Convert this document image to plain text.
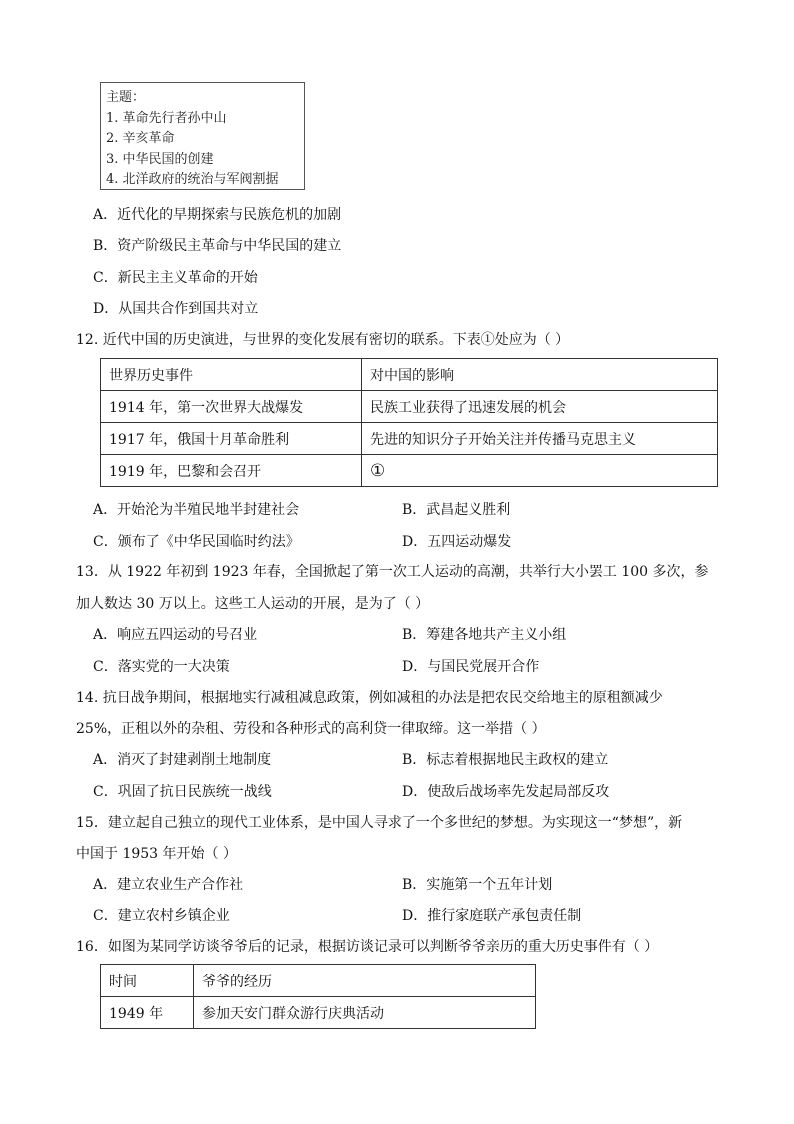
主题：
1. 革命先行者孙中山
2. 辛亥革命
3. 中华民国的创建
4. 北洋政府的统治与军阀割据
A．近代化的早期探索与民族危机的加剧
B．资产阶级民主革命与中华民国的建立
C．新民主主义革命的开始
D．从国共合作到国共对立
12. 近代中国的历史演进，与世界的变化发展有密切的联系。下表①处应为（ ）
世界历史事件	对中国的影响
1914 年，第一次世界大战爆发	民族工业获得了迅速发展的机会
1917 年，俄国十月革命胜利	先进的知识分子开始关注并传播马克思主义
1919 年，巴黎和会召开	①
A．开始沦为半殖民地半封建社会	B．武昌起义胜利
C．颁布了《中华民国临时约法》	D．五四运动爆发
13．从 1922 年初到 1923 年春，全国掀起了第一次工人运动的高潮，共举行大小罢工 100 多次，参
加人数达 30 万以上。这些工人运动的开展，是为了（ ）
A．响应五四运动的号召业	B．筹建各地共产主义小组
C．落实党的一大决策	D．与国民党展开合作
14. 抗日战争期间，根据地实行减租减息政策，例如减租的办法是把农民交给地主的原租额减少
25%，正租以外的杂租、劳役和各种形式的高利贷一律取缔。这一举措（ ）
A．消灭了封建剥削土地制度	B．标志着根据地民主政权的建立
C．巩固了抗日民族统一战线	D．使敌后战场率先发起局部反攻
15．建立起自己独立的现代工业体系，是中国人寻求了一个多世纪的梦想。为实现这一“梦想”，新
中国于 1953 年开始（ ）
A．建立农业生产合作社	B．实施第一个五年计划
C．建立农村乡镇企业	D．推行家庭联产承包责任制
16．如图为某同学访谈爷爷后的记录，根据访谈记录可以判断爷爷亲历的重大历史事件有（ ）
时间	爷爷的经历
1949 年	参加天安门群众游行庆典活动
